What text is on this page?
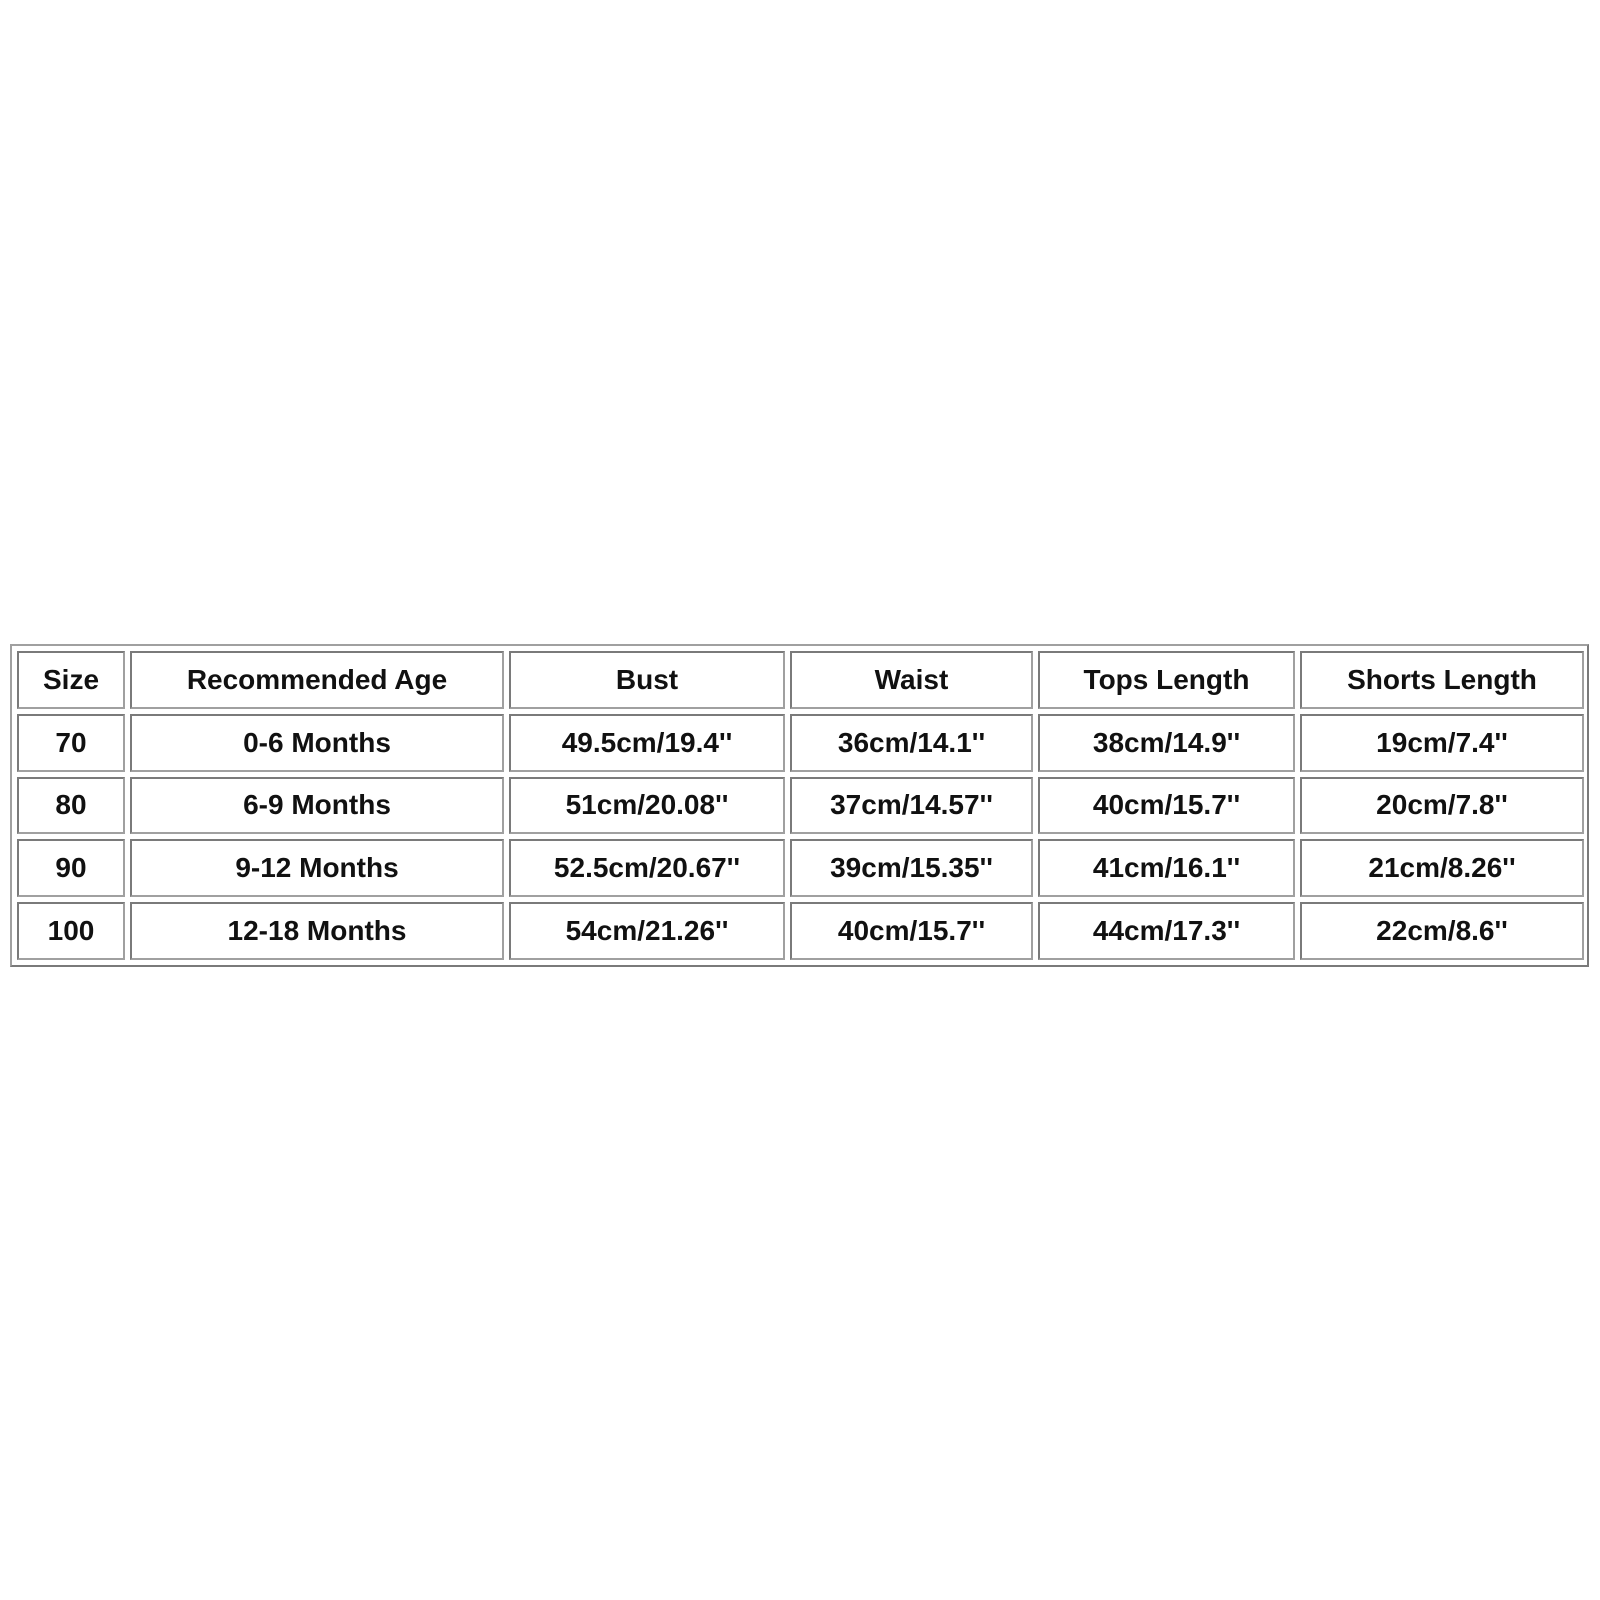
Size	Recommended Age	Bust	Waist	Tops Length	Shorts Length
70	0-6 Months	49.5cm/19.4''	36cm/14.1''	38cm/14.9''	19cm/7.4''
80	6-9 Months	51cm/20.08''	37cm/14.57''	40cm/15.7''	20cm/7.8''
90	9-12 Months	52.5cm/20.67''	39cm/15.35''	41cm/16.1''	21cm/8.26''
100	12-18 Months	54cm/21.26''	40cm/15.7''	44cm/17.3''	22cm/8.6''
